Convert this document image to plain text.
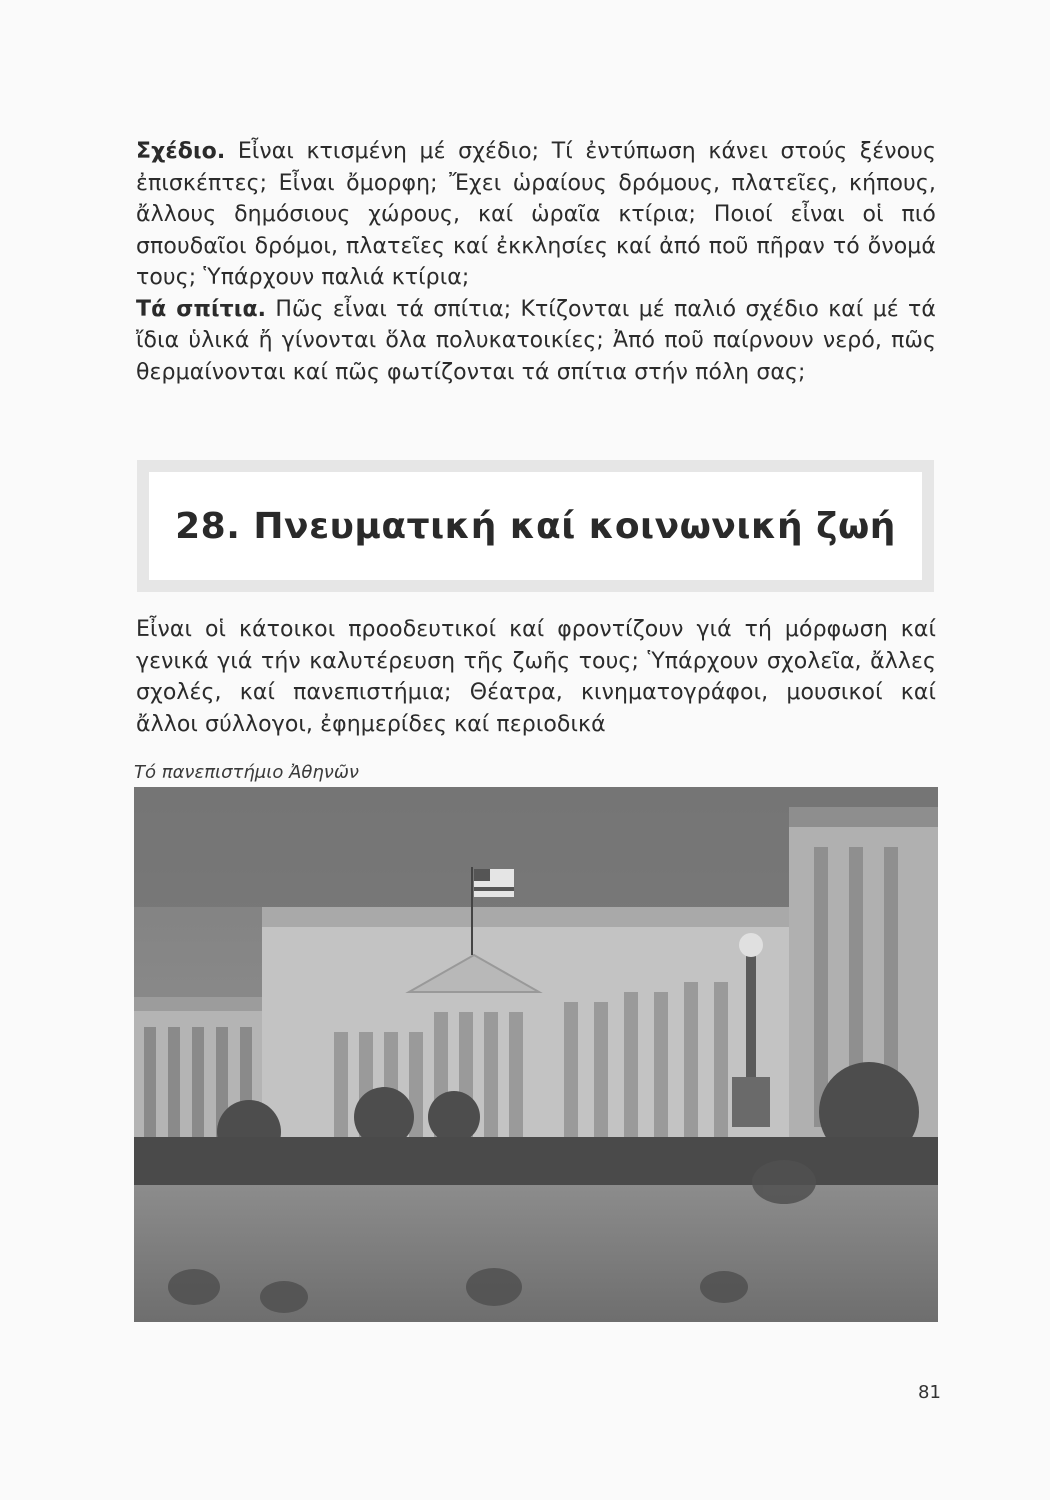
Σχέδιο. Εἶναι κτισμένη μέ σχέδιο; Τί ἐντύπωση κάνει στούς ξένους ἐπισκέπτες; Εἶναι ὄμορφη; Ἔχει ὡραίους δρόμους, πλατεῖες, κήπους, ἄλλους δημόσιους χώρους, καί ὡραῖα κτίρια; Ποιοί εἶναι οἱ πιό σπουδαῖοι δρόμοι, πλατεῖες καί ἐκκλησίες καί ἀπό ποῦ πῆραν τό ὄνομά τους; Ὑπάρχουν παλιά κτίρια;

Τά σπίτια. Πῶς εἶναι τά σπίτια; Κτίζονται μέ παλιό σχέδιο καί μέ τά ἴδια ὑλικά ἤ γίνονται ὅλα πολυκατοικίες; Ἀπό ποῦ παίρνουν νερό, πῶς θερμαίνονται καί πῶς φωτίζονται τά σπίτια στήν πόλη σας;

28. Πνευματική καί κοινωνική ζωή

Εἶναι οἱ κάτοικοι προοδευτικοί καί φροντίζουν γιά τή μόρφωση καί γενικά γιά τήν καλυτέρευση τῆς ζωῆς τους; Ὑπάρχουν σχολεῖα, ἄλλες σχολές, καί πανεπιστήμια; Θέατρα, κινηματογράφοι, μουσικοί καί ἄλλοι σύλλογοι, ἐφημερίδες καί περιοδικά

Τό πανεπιστήμιο Ἀθηνῶν
81
